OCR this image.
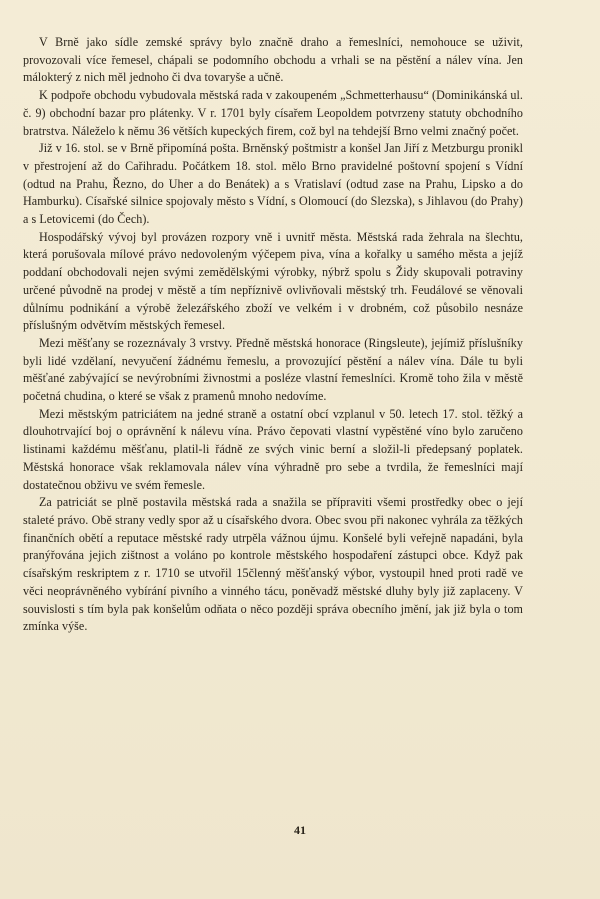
V Brně jako sídle zemské správy bylo značně draho a řemeslníci, nemohouce se uživit, provozovali více řemesel, chápali se podomního obchodu a vrhali se na pěstění a nálev vína. Jen málokterý z nich měl jednoho či dva tovaryše a učně.

K podpoře obchodu vybudovala městská rada v zakoupeném „Schmetterhausu“ (Dominikánská ul. č. 9) obchodní bazar pro plátenky. V r. 1701 byly císařem Leopoldem potvrzeny statuty obchodního bratrstva. Náleželo k němu 36 větších kupeckých firem, což byl na tehdejší Brno velmi značný počet.

Již v 16. stol. se v Brně připomíná pošta. Brněnský poštmistr a konšel Jan Jiří z Metzburgu pronikl v přestrojení až do Cařihradu. Počátkem 18. stol. mělo Brno pravidelné poštovní spojení s Vídní (odtud na Prahu, Řezno, do Uher a do Benátek) a s Vratislaví (odtud zase na Prahu, Lipsko a do Hamburku). Císařské silnice spojovaly město s Vídní, s Olomoucí (do Slezska), s Jihlavou (do Prahy) a s Letovicemi (do Čech).

Hospodářský vývoj byl provázen rozpory vně i uvnitř města. Městská rada žehrala na šlechtu, která porušovala mílové právo nedovoleným výčepem piva, vína a kořalky u samého města a jejíž poddaní obchodovali nejen svými zemědělskými výrobky, nýbrž spolu s Židy skupovali potraviny určené původně na prodej v městě a tím nepříznivě ovlivňovali městský trh. Feudálové se věnovali důlnímu podnikání a výrobě železářského zboží ve velkém i v drobném, což působilo nesnáze příslušným odvětvím městských řemesel.

Mezi měšťany se rozeznávaly 3 vrstvy. Předně městská honorace (Ringsleute), jejímiž příslušníky byli lidé vzdělaní, nevyučení žádnému řemeslu, a provozující pěstění a nálev vína. Dále tu byli měšťané zabývající se nevýrobními živnostmi a posléze vlastní řemeslníci. Kromě toho žila v městě početná chudina, o které se však z pramenů mnoho nedovíme.

Mezi městským patriciátem na jedné straně a ostatní obcí vzplanul v 50. letech 17. stol. těžký a dlouhotrvající boj o oprávnění k nálevu vína. Právo čepovati vlastní vypěstěné víno bylo zaručeno listinami každému měšťanu, platil-li řádně ze svých vinic berní a složil-li předepsaný poplatek. Městská honorace však reklamovala nálev vína výhradně pro sebe a tvrdila, že řemeslníci mají dostatečnou obživu ve svém řemesle.

Za patriciát se plně postavila městská rada a snažila se přípraviti všemi prostředky obec o její staleté právo. Obě strany vedly spor až u císařského dvora. Obec svou při nakonec vyhrála za těžkých finančních obětí a reputace městské rady utrpěla vážnou újmu. Konšelé byli veřejně napadáni, byla pranýřována jejich zištnost a voláno po kontrole městského hospodaření zástupci obce. Když pak císařským reskriptem z r. 1710 se utvořil 15členný měšťanský výbor, vystoupil hned proti radě ve věci neoprávněného vybírání pivního a vinného tácu, poněvadž městské dluhy byly již zaplaceny. V souvislosti s tím byla pak konšelům odňata o něco později správa obecního jmění, jak již byla o tom zmínka výše.

41
